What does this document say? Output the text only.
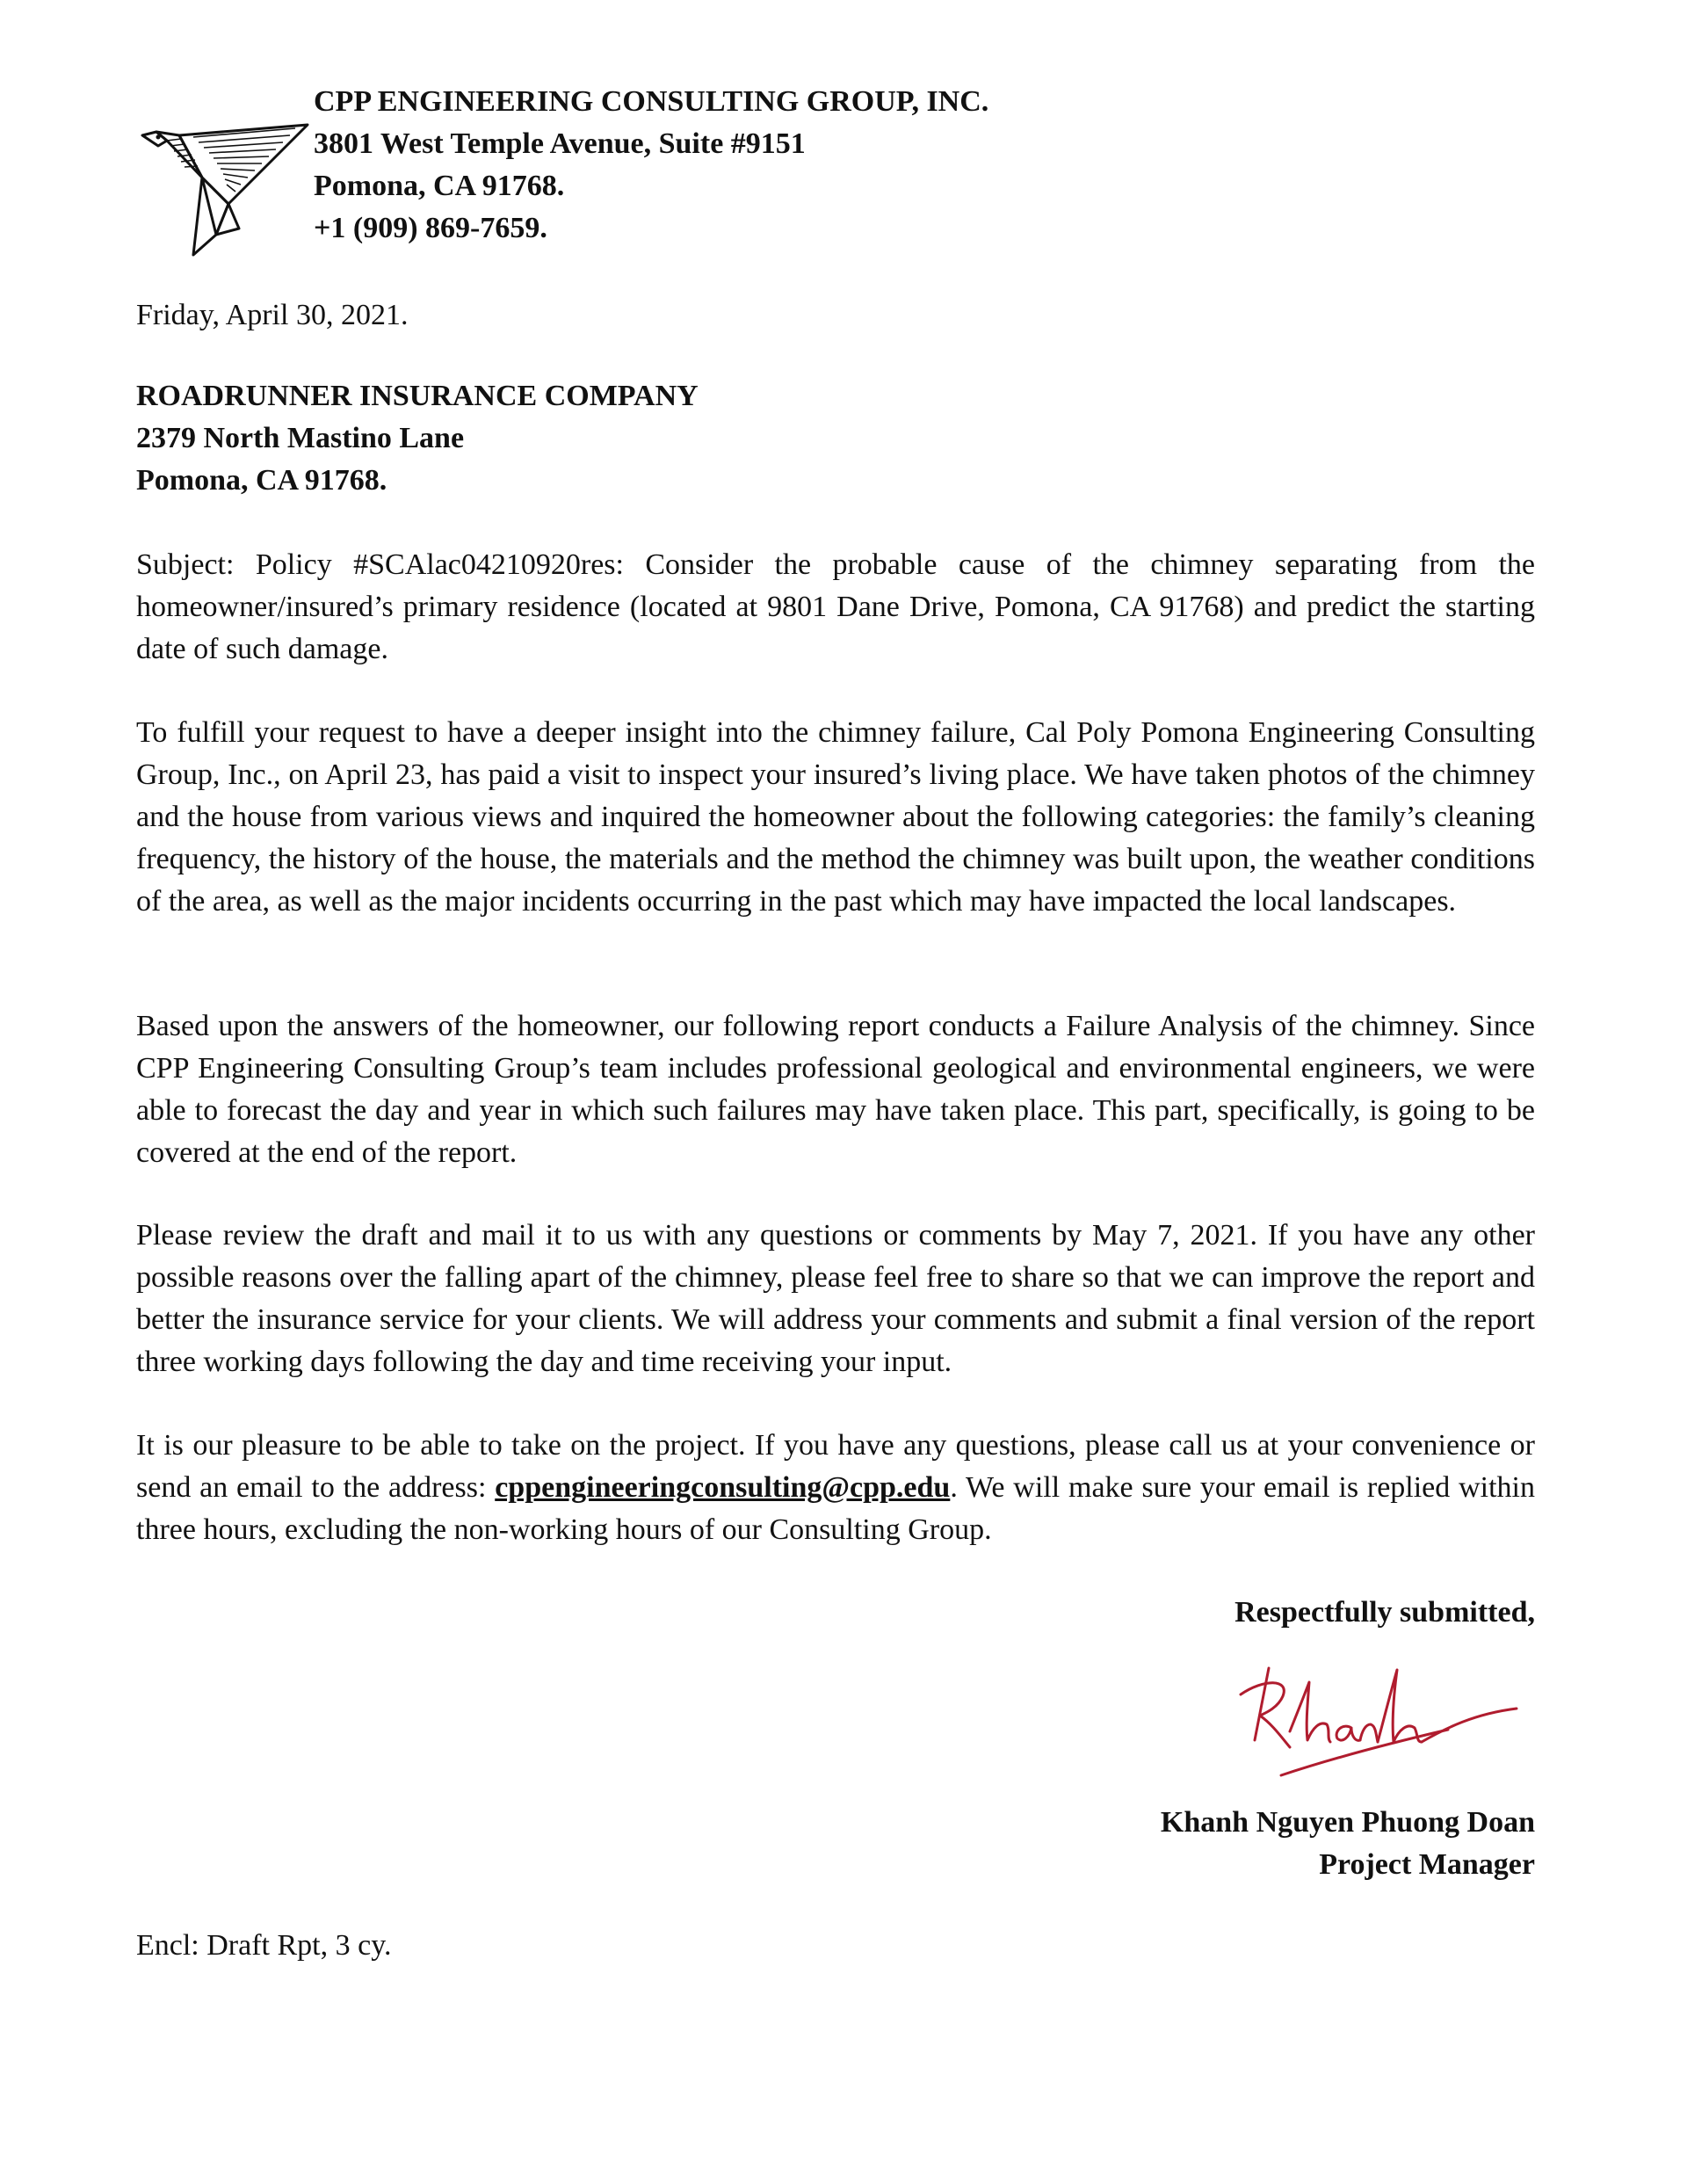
CPP ENGINEERING CONSULTING GROUP, INC.
3801 West Temple Avenue, Suite #9151
Pomona, CA 91768.
+1 (909) 869-7659.
Friday, April 30, 2021.
ROADRUNNER INSURANCE COMPANY
2379 North Mastino Lane
Pomona, CA 91768.
Subject: Policy #SCAlac04210920res: Consider the probable cause of the chimney separating from the homeowner/insured’s primary residence (located at 9801 Dane Drive, Pomona, CA 91768) and predict the starting date of such damage.
To fulfill your request to have a deeper insight into the chimney failure, Cal Poly Pomona Engineering Consulting Group, Inc., on April 23, has paid a visit to inspect your insured’s living place. We have taken photos of the chimney and the house from various views and inquired the homeowner about the following categories: the family’s cleaning frequency, the history of the house, the materials and the method the chimney was built upon, the weather conditions of the area, as well as the major incidents occurring in the past which may have impacted the local landscapes.
Based upon the answers of the homeowner, our following report conducts a Failure Analysis of the chimney. Since CPP Engineering Consulting Group’s team includes professional geological and environmental engineers, we were able to forecast the day and year in which such failures may have taken place. This part, specifically, is going to be covered at the end of the report.
Please review the draft and mail it to us with any questions or comments by May 7, 2021. If you have any other possible reasons over the falling apart of the chimney, please feel free to share so that we can improve the report and better the insurance service for your clients. We will address your comments and submit a final version of the report three working days following the day and time receiving your input.
It is our pleasure to be able to take on the project. If you have any questions, please call us at your convenience or send an email to the address: cppengineeringconsulting@cpp.edu. We will make sure your email is replied within three hours, excluding the non-working hours of our Consulting Group.
Respectfully submitted,
Khanh Nguyen Phuong Doan
Project Manager
Encl: Draft Rpt, 3 cy.
